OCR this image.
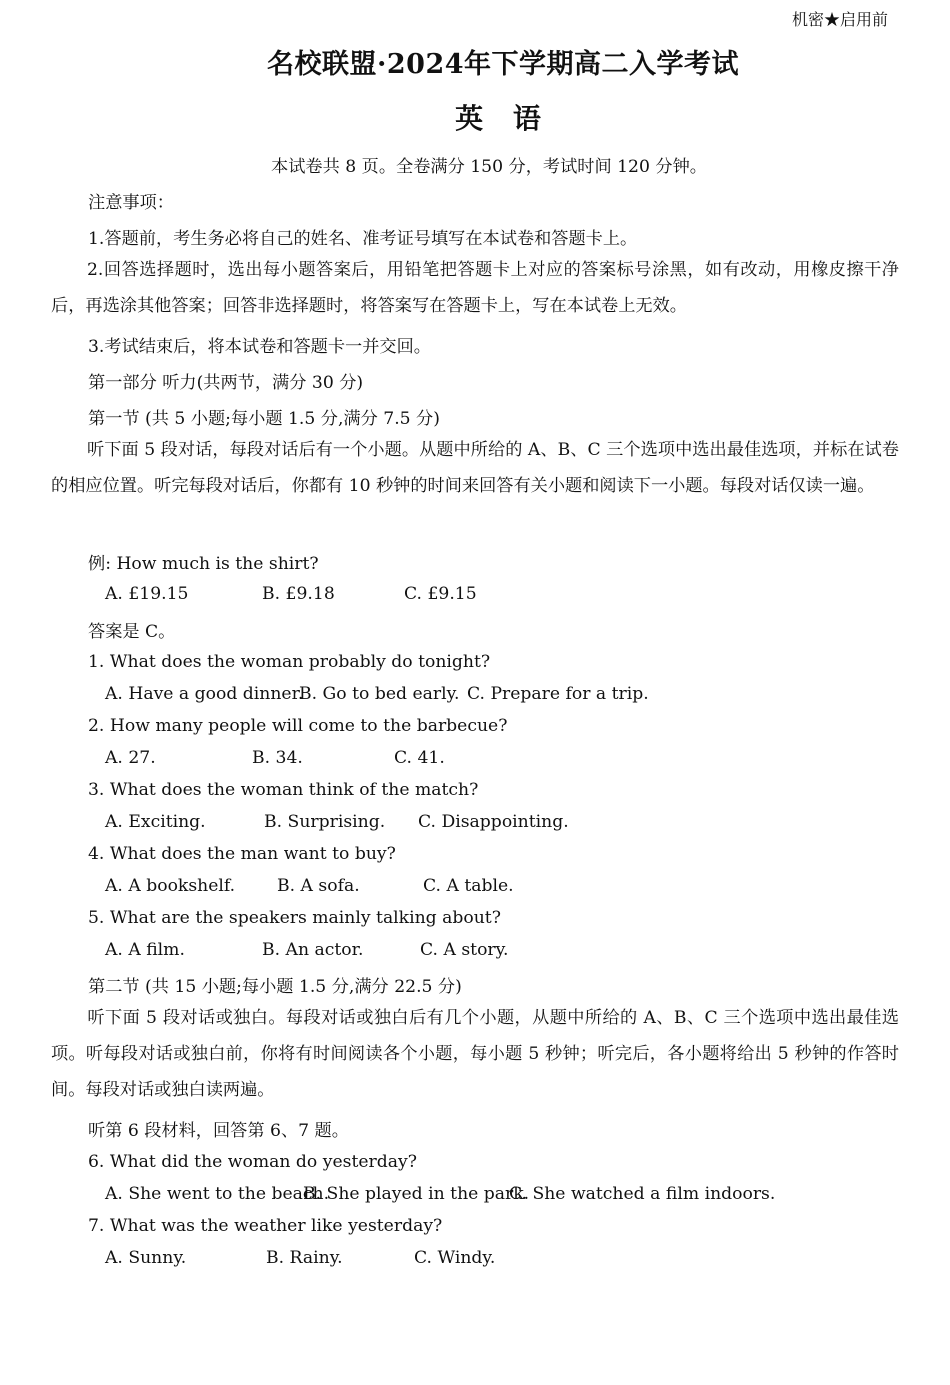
机密★启用前
名校联盟·2024年下学期高二入学考试
英 语
本试卷共 8 页。全卷满分 150 分，考试时间 120 分钟。
注意事项：
1.答题前，考生务必将自己的姓名、准考证号填写在本试卷和答题卡上。
2.回答选择题时，选出每小题答案后，用铅笔把答题卡上对应的答案标号涂黑，如有改动，用橡皮擦干净后，再选涂其他答案；回答非选择题时，将答案写在答题卡上，写在本试卷上无效。
3.考试结束后，将本试卷和答题卡一并交回。
第一部分 听力(共两节，满分 30 分)
第一节 (共 5 小题;每小题 1.5 分,满分 7.5 分)
听下面 5 段对话，每段对话后有一个小题。从题中所给的 A、B、C 三个选项中选出最佳选项，并标在试卷的相应位置。听完每段对话后，你都有 10 秒钟的时间来回答有关小题和阅读下一小题。每段对话仅读一遍。
例: How much is the shirt?
A. £19.15	B. £9.18	C. £9.15
答案是 C。
1. What does the woman probably do tonight?
A. Have a good dinner.
B. Go to bed early. C. Prepare for a trip.
2. How many people will come to the barbecue?
A. 27.	B. 34.	C. 41.
3. What does the woman think of the match?
A. Exciting.	B. Surprising. C. Disappointing.
4. What does the man want to buy?
A. A bookshelf. B. A sofa.	C. A table.
5. What are the speakers mainly talking about?
A. A film.	B. An actor.	C. A story.
第二节 (共 15 小题;每小题 1.5 分,满分 22.5 分)
听下面 5 段对话或独白。每段对话或独白后有几个小题，从题中所给的 A、B、C 三个选项中选出最佳选项。听每段对话或独白前，你将有时间阅读各个小题，每小题 5 秒钟；听完后，各小题将给出 5 秒钟的作答时间。每段对话或独白读两遍。
听第 6 段材料，回答第 6、7 题。
6. What did the woman do yesterday?
A. She went to the beach.
B. She played in the park.
C. She watched a film indoors.
7. What was the weather like yesterday?
A. Sunny.	B. Rainy.	C. Windy.
